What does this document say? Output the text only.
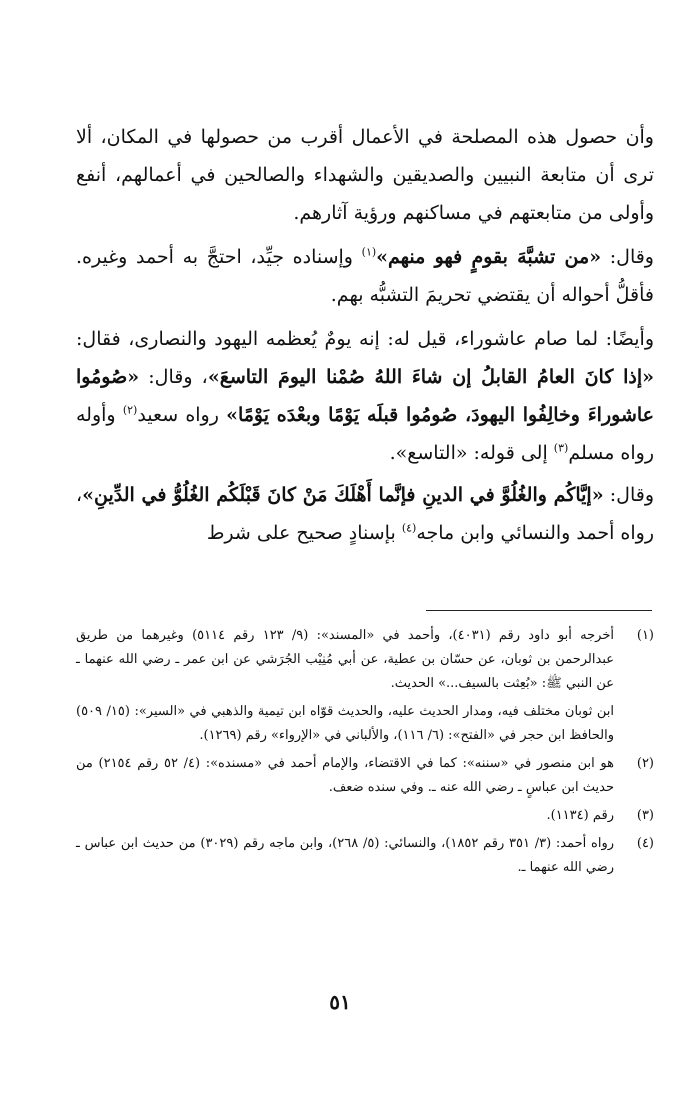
وأن حصول هذه المصلحة في الأعمال أقرب من حصولها في المكان، ألا ترى أن متابعة النبيين والصديقين والشهداء والصالحين في أعمالهم، أنفع وأولى من متابعتهم في مساكنهم ورؤية آثارهم.

وقال: «من تشبَّهَ بقومٍ فهو منهم»$^{(١)}$ وإسناده جيِّد، احتجَّ به أحمد وغيره. فأقلُّ أحواله أن يقتضي تحريمَ التشبُّه بهم.

وأيضًا: لما صام عاشوراء، قيل له: إنه يومٌ يُعظمه اليهود والنصارى، فقال: «إذا كانَ العامُ القابلُ إن شاءَ اللهُ صُمْنا اليومَ التاسعَ»، وقال: «صُومُوا عاشوراءَ وخالِفُوا اليهودَ، صُومُوا قبلَه يَوْمًا وبعْدَه يَوْمًا» رواه سعيد$^{(٢)}$ وأوله رواه مسلم$^{(٣)}$ إلى قوله: «التاسع».

وقال: «إيَّاكُم والغُلُوَّ في الدينِ فإنَّما أَهْلَكَ مَنْ كانَ قَبْلَكُم الغُلُوُّ في الدِّينِ»، رواه أحمد والنسائي وابن ماجه$^{(٤)}$ بإسنادٍ صحيح على شرط

(١)
أخرجه أبو داود رقم (٤٠٣١)، وأحمد في «المسند»: (٩/ ١٢٣ رقم ٥١١٤) وغيرهما من طريق عبدالرحمن بن ثوبان، عن حسّان بن عطية، عن أبي مُنِيْب الجُرَشي عن ابن عمر ـ رضي الله عنهما ـ عن النبي ﷺ: «بُعِثت بالسيف...» الحديث.
ابن ثوبان مختلف فيه، ومدار الحديث عليه، والحديث قوّاه ابن تيمية والذهبي في «السير»: (١٥/ ٥٠٩) والحافظ ابن حجر في «الفتح»: (٦/ ١١٦)، والألباني في «الإرواء» رقم (١٢٦٩).
(٢)
هو ابن منصور في «سننه»: كما في الاقتضاء، والإمام أحمد في «مسنده»: (٤/ ٥٢ رقم ٢١٥٤) من حديث ابن عباسٍ ـ رضي الله عنه ـ. وفي سنده ضعف.
(٣)
رقم (١١٣٤).
(٤)
رواه أحمد: (٣/ ٣٥١ رقم ١٨٥٢)، والنسائي: (٥/ ٢٦٨)، وابن ماجه رقم (٣٠٢٩) من حديث ابن عباس ـ رضي الله عنهما ـ.
٥١
